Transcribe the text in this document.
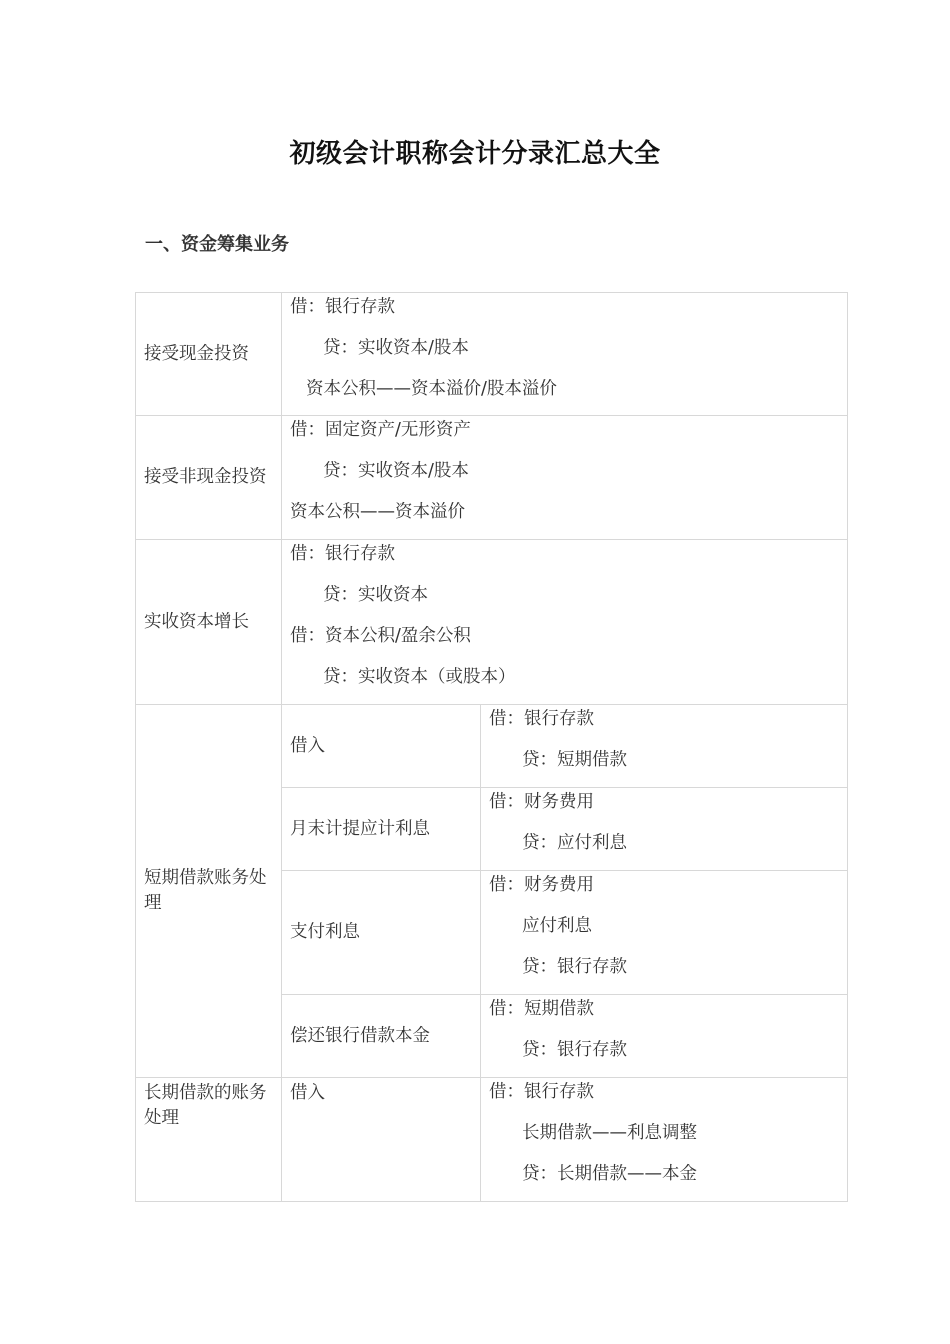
初级会计职称会计分录汇总大全
一、资金筹集业务
接受现金投资	借：银行存款
贷：实收资本/股本
资本公积——资本溢价/股本溢价	

接受非现金投资	借：固定资产/无形资产
贷：实收资本/股本
资本公积——资本溢价	

实收资本增长	借：银行存款
贷：实收资本
借：资本公积/盈余公积
贷：实收资本（或股本）	

短期借款账务处理	借入	借：银行存款
贷：短期借款

	月末计提应计利息	借：财务费用
贷：应付利息

	支付利息	借：财务费用
应付利息
贷：银行存款

	偿还银行借款本金	借：短期借款
贷：银行存款

长期借款的账务处理	借入	借：银行存款
长期借款——利息调整
贷：长期借款——本金
